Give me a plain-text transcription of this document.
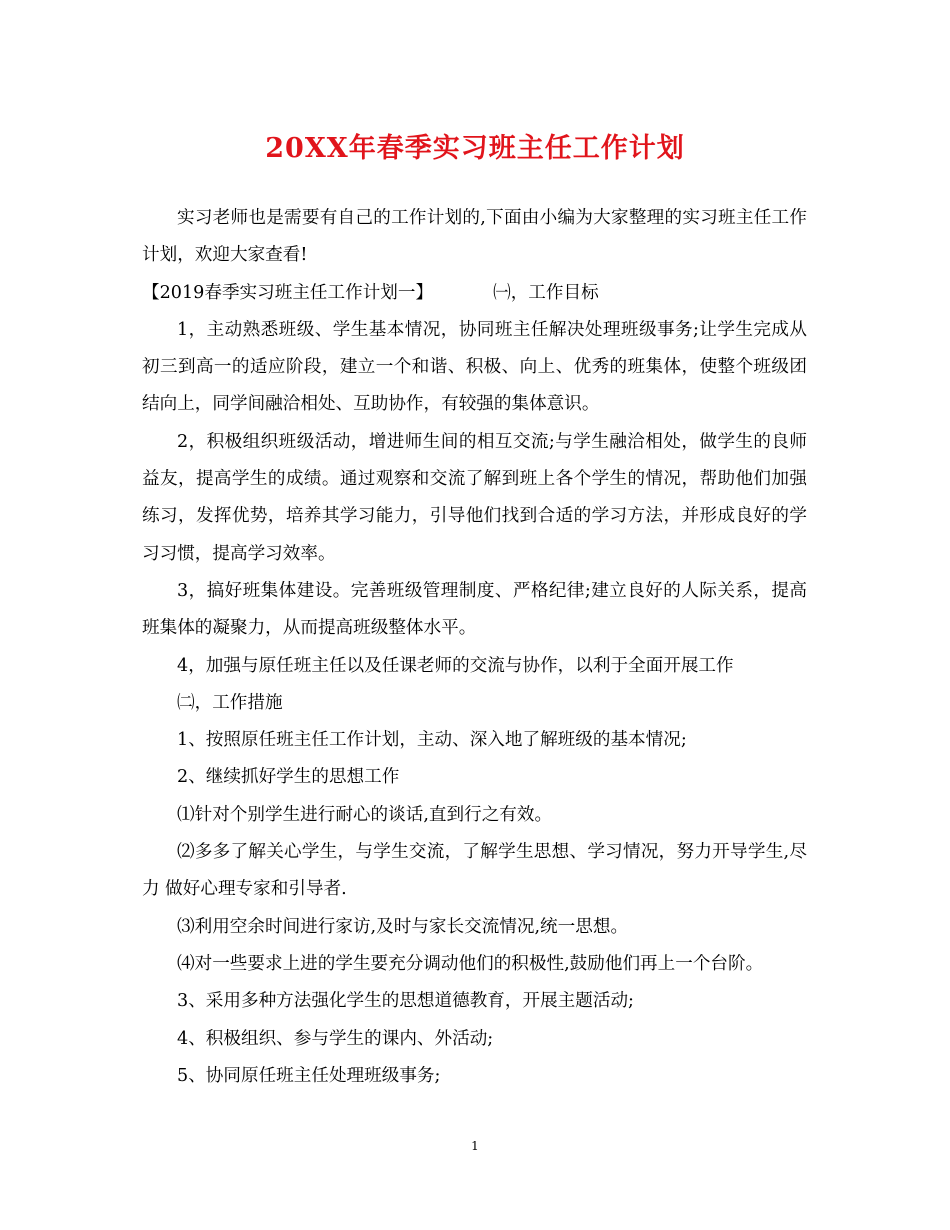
20XX年春季实习班主任工作计划

实习老师也是需要有自己的工作计划的,下面由小编为大家整理的实习班主任工作计划，欢迎大家查看!

【2019春季实习班主任工作计划一】	㈠，工作目标

1，主动熟悉班级、学生基本情况，协同班主任解决处理班级事务;让学生完成从初三到高一的适应阶段，建立一个和谐、积极、向上、优秀的班集体，使整个班级团结向上，同学间融洽相处、互助协作，有较强的集体意识。

2，积极组织班级活动，增进师生间的相互交流;与学生融洽相处，做学生的良师益友，提高学生的成绩。通过观察和交流了解到班上各个学生的情况，帮助他们加强练习，发挥优势，培养其学习能力，引导他们找到合适的学习方法，并形成良好的学习习惯，提高学习效率。

3，搞好班集体建设。完善班级管理制度、严格纪律;建立良好的人际关系，提高班集体的凝聚力，从而提高班级整体水平。

4，加强与原任班主任以及任课老师的交流与协作，以利于全面开展工作

㈡，工作措施

1、按照原任班主任工作计划，主动、深入地了解班级的基本情况;

2、继续抓好学生的思想工作

⑴针对个别学生进行耐心的谈话,直到行之有效。

⑵多多了解关心学生，与学生交流，了解学生思想、学习情况，努力开导学生,尽力 做好心理专家和引导者.

⑶利用空余时间进行家访,及时与家长交流情况,统一思想。

⑷对一些要求上进的学生要充分调动他们的积极性,鼓励他们再上一个台阶。

3、采用多种方法强化学生的思想道德教育，开展主题活动;

4、积极组织、参与学生的课内、外活动;

5、协同原任班主任处理班级事务;

1
